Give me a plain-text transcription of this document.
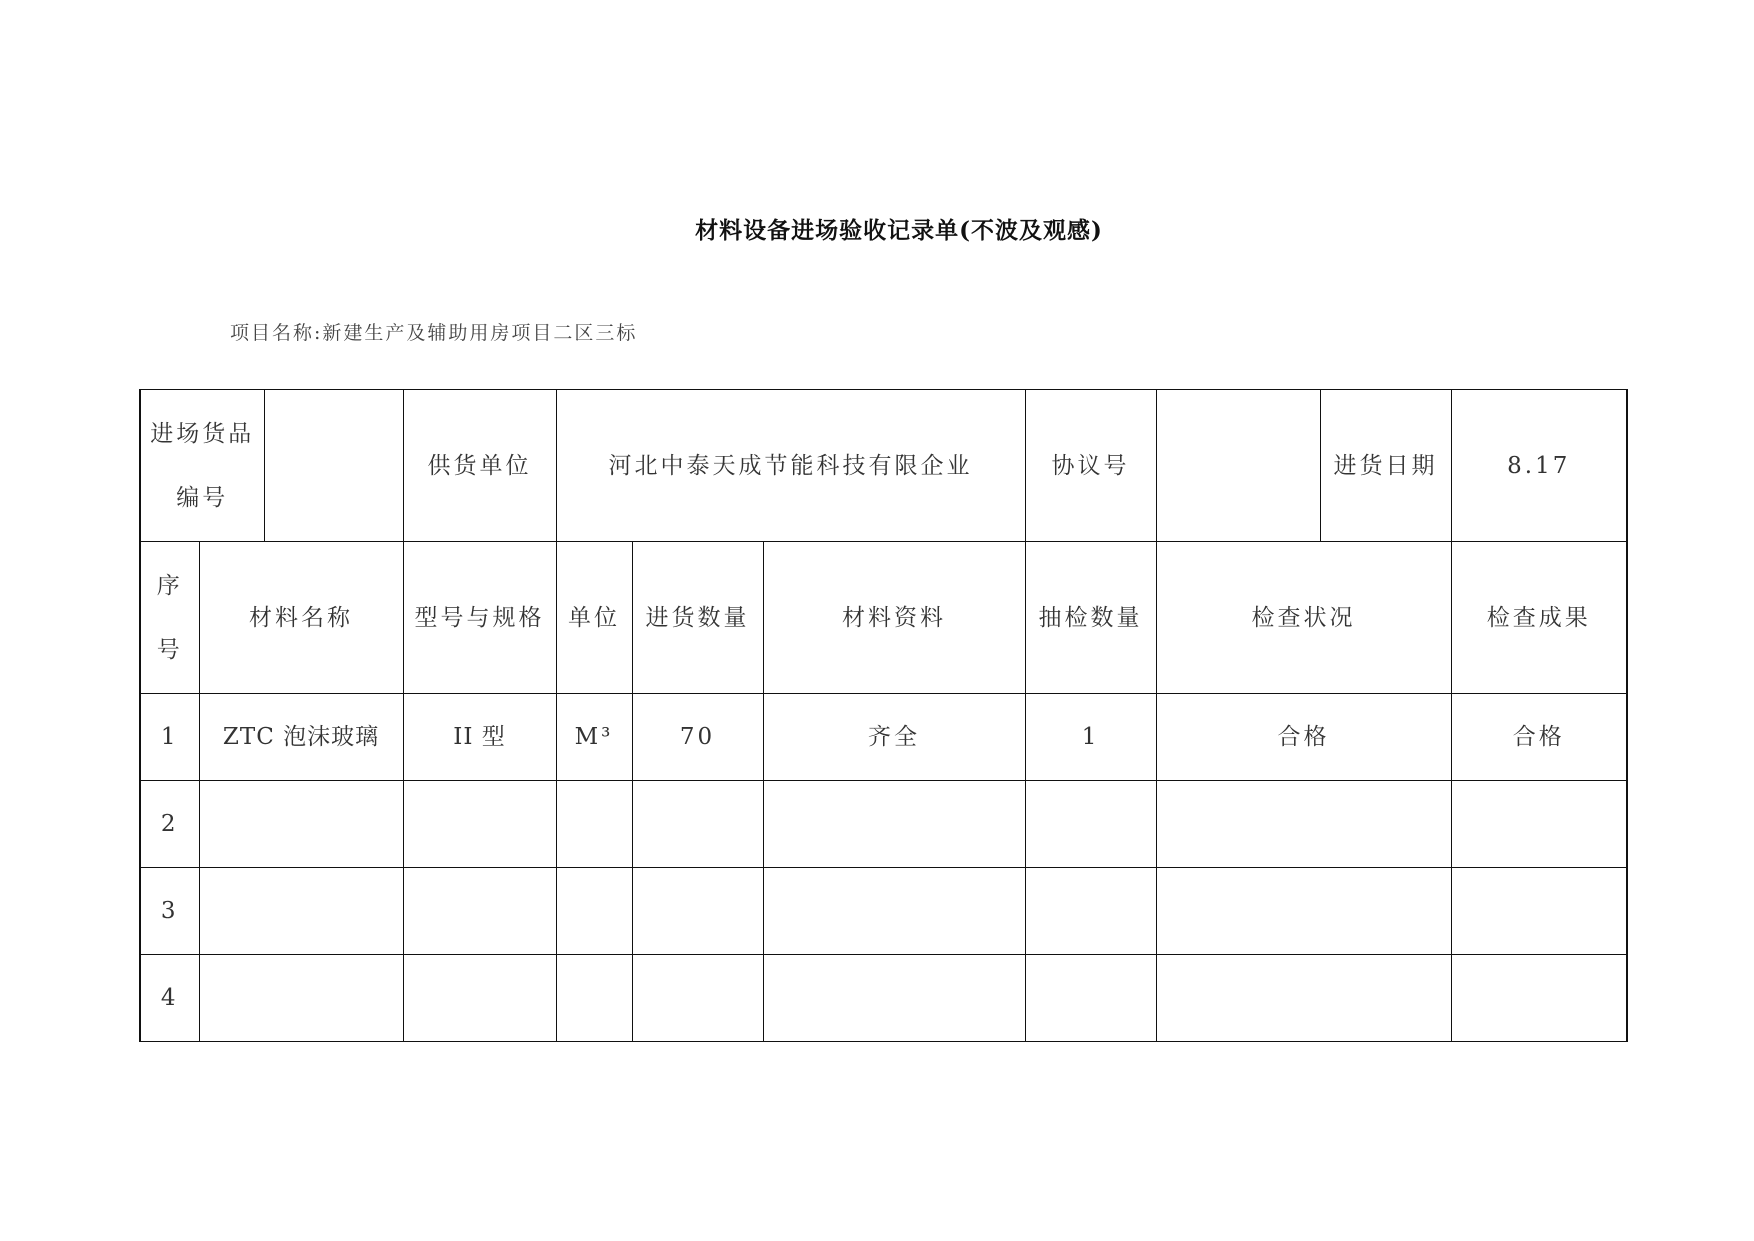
材料设备进场验收记录单(不波及观感)
项目名称:新建生产及辅助用房项目二区三标
进场货品
编号			供货单位	河北中泰天成节能科技有限企业			协议号		进货日期	8.17

序
号	材料名称		型号与规格	单位	进货数量	材料资料	抽检数量	检查状况		检查成果
1	ZTC 泡沫玻璃		II 型	M³	70	齐全	1	合格		合格
2										
3										
4										
